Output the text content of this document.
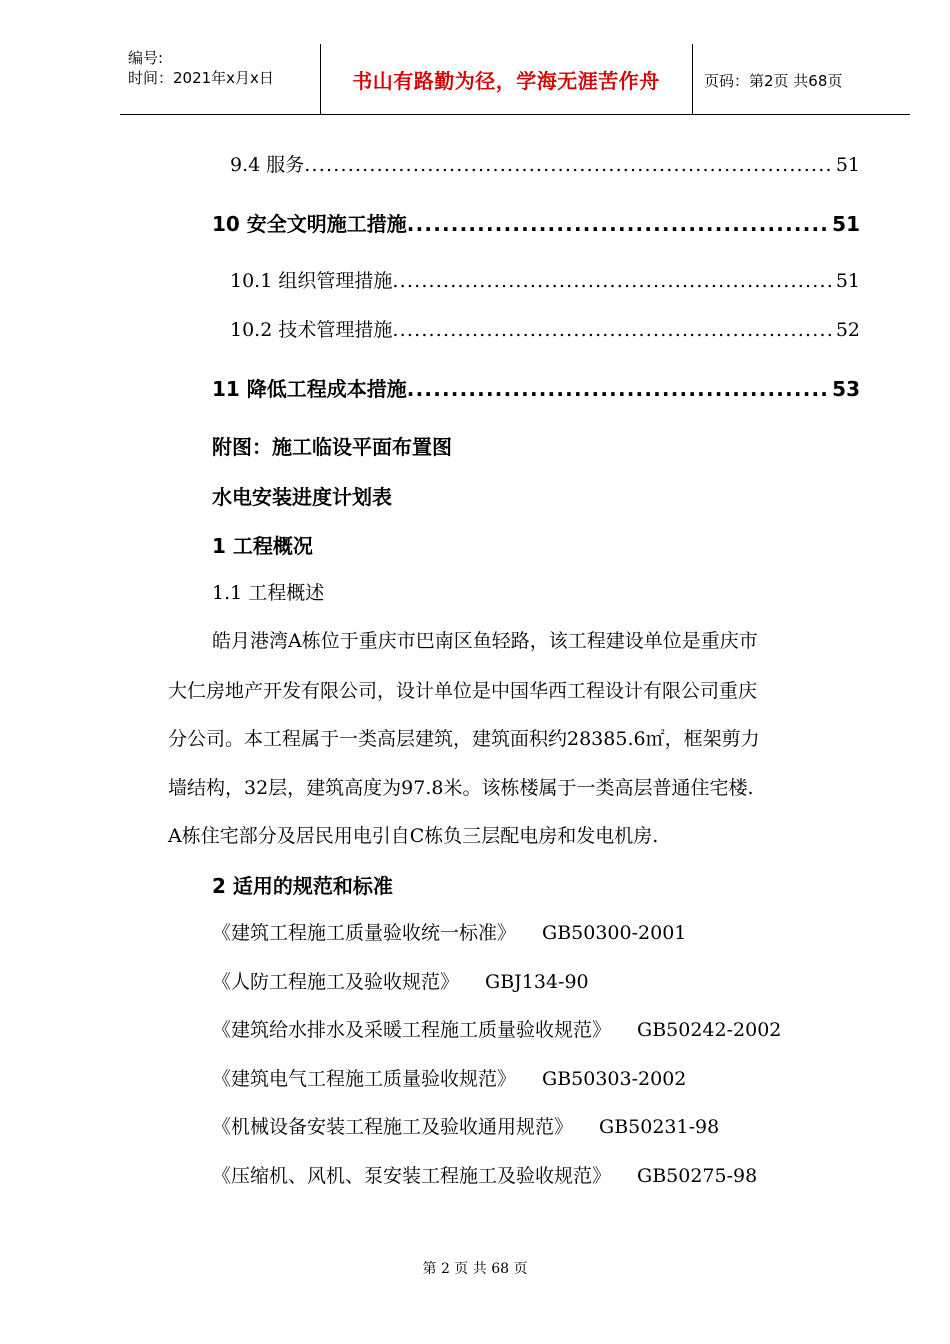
编号:
时间：2021年x月x日	书山有路勤为径，学海无涯苦作舟	页码：第2页 共68页
9.4 服务 .....	51
10 安全文明施工措施 .....	51
10.1 组织管理措施 .....	51
10.2 技术管理措施 .....	52
11 降低工程成本措施 .....	53
附图：施工临设平面布置图
水电安装进度计划表
1 工程概况
1.1 工程概述
皓月港湾A栋位于重庆市巴南区鱼轻路，该工程建设单位是重庆市
大仁房地产开发有限公司，设计单位是中国华西工程设计有限公司重庆
分公司。本工程属于一类高层建筑，建筑面积约28385.6㎡，框架剪力
墙结构，32层，建筑高度为97.8米。该栋楼属于一类高层普通住宅楼.
A栋住宅部分及居民用电引自C栋负三层配电房和发电机房.
2 适用的规范和标准
《建筑工程施工质量验收统一标准》 GB50300-2001
《人防工程施工及验收规范》 GBJ134-90
《建筑给水排水及采暖工程施工质量验收规范》 GB50242-2002
《建筑电气工程施工质量验收规范》 GB50303-2002
《机械设备安装工程施工及验收通用规范》 GB50231-98
《压缩机、风机、泵安装工程施工及验收规范》 GB50275-98
第 2 页 共 68 页
